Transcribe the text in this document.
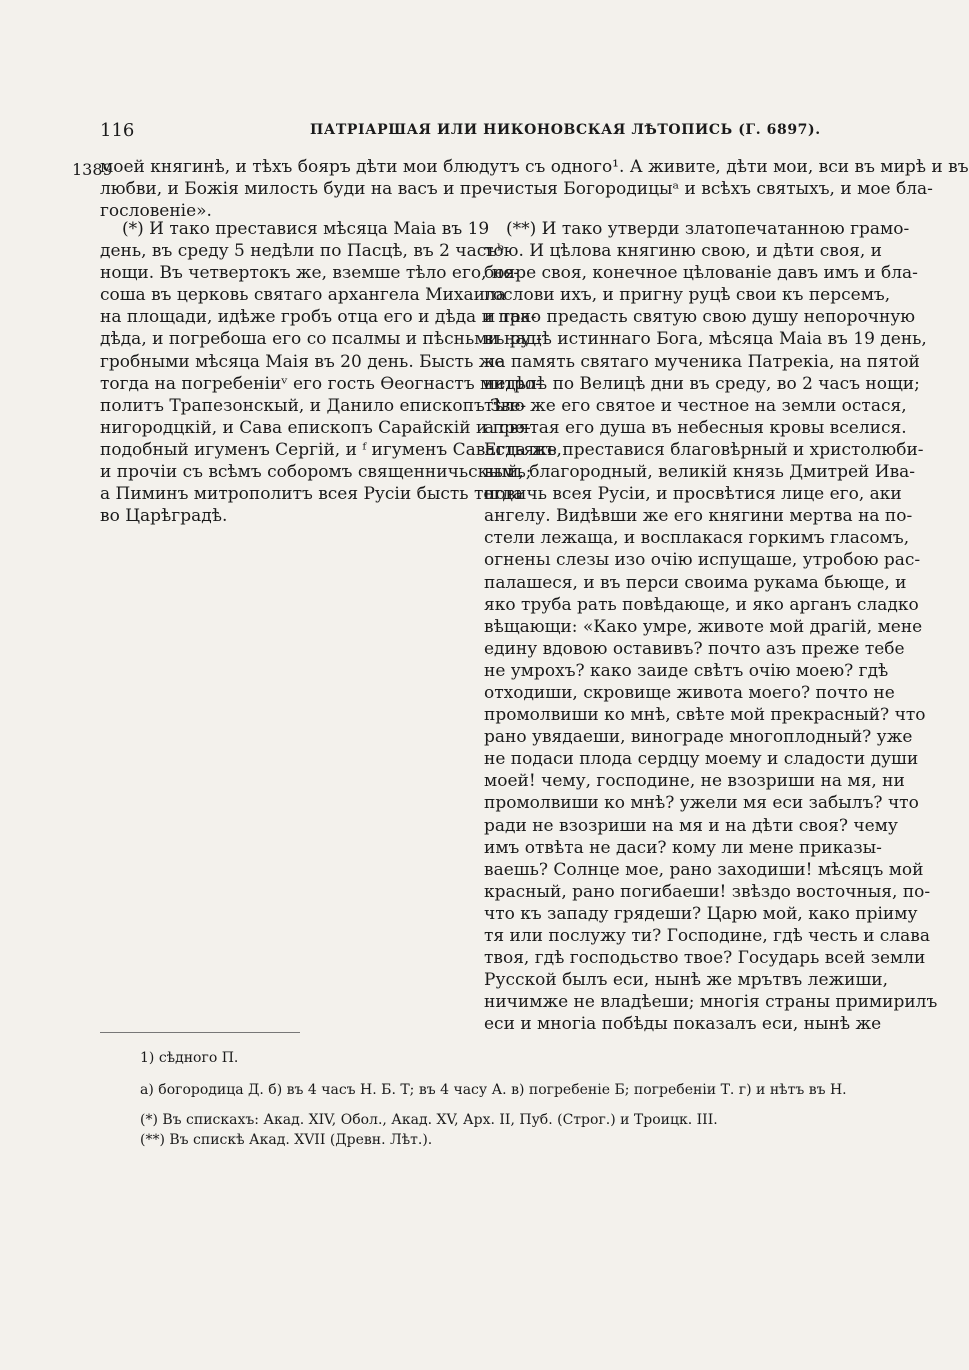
116	ПАТРІАРШАЯ ИЛИ НИКОНОВСКАЯ ЛѢТОПИСЬ (Г. 6897).
1389
моей княгинѣ, и тѣхъ бояръ дѣти мои блюдутъ съ одного¹. А живите, дѣти мои, вси въ мирѣ и въ
любви, и Божія милость буди на васъ и пречистыя Богородицыᵃ и всѣхъ святыхъ, и мое бла-
гословеніе».
(*) И тако преставися мѣсяца Маіа въ 19
день, въ среду 5 недѣли по Пасцѣ, въ 2 часъᵇ
нощи. Въ четвертокъ же, вземше тѣло его, не-
сошa въ церковь святаго архангела Михаила
на площади, идѣже гробъ отца его и дѣда и пра-
дѣда, и погребоша его со псалмы и пѣсньми над-
гробными мѣсяца Маія въ 20 день. Бысть же
тогда на погребеніиᵛ его гость Ѳеогнастъ митро-
политъ Трапезонскый, и Данило епископъ Зве-
нигородцкій, и Сава епископъ Сарайскій и пре-
подобный игуменъ Сергій, и ᶠ игуменъ Савастьянъ,
и прочіи съ всѣмъ соборомъ священничьскымъ;
а Пиминъ митрополитъ всея Русіи бысть тогда
во Царѣградѣ.
(**) И тако утверди златопечатанною грамо-
тою. И цѣлова княгиню свою, и дѣти своя, и
бояре своя, конечное цѣлованіе давъ имъ и бла-
гослови ихъ, и пригну руцѣ свои къ персемъ,
и тако предасть святую свою душу непорочную
въ руцѣ истиннаго Бога, мѣсяца Маіа въ 19 день,
на память святаго мученика Патрекіа, на пятой
недѣлѣ по Велицѣ дни въ среду, во 2 часъ нощи;
тѣло же его святое и честное на земли остася,
а святая его душа въ небесныя кровы вселися.
Егда же преставися благовѣрный и христолюби-
вый, благородный, великій князь Дмитрей Ива-
новичь всея Русіи, и просвѣтися лице его, аки
ангелу. Видѣвши же его княгини мертва на по-
стели лежаща, и восплакася горкимъ гласомъ,
огненьı слезы изо очію испущаше, утробою рас-
палашеся, и въ перси своима рукама бьюще, и
яко труба рать повѣдающе, и яко арганъ сладко
вѣщающи: «Како умре, животе мой драгій, мене
едину вдовою оставивъ? почто азъ преже тебе
не умрохъ? како заиде свѣтъ очію моею? гдѣ
отходиши, скровище живота моего? почто не
промолвиши ко мнѣ, свѣте мой прекрасный? что
рано увядаеши, винограде многоплодный? уже
не подаси плода сердцу моему и сладости души
моей! чему, господине, не взозриши на мя, ни
промолвиши ко мнѣ? ужели мя еси забылъ? что
ради не взозриши на мя и на дѣти своя? чему
имъ отвѣта не даси? кому ли мене приказы-
ваешь? Солнце мое, рано заходиши! мѣсяцъ мой
красный, рано погибаеши! звѣздо восточныя, по-
что къ западу грядеши? Царю мой, како пріиму
тя или послужу ти? Господине, гдѣ честь и слава
твоя, гдѣ господьство твое? Государь всей земли
Русской былъ еси, нынѣ же мрътвъ лежиши,
ничимже не владѣеши; многія страны примирилъ
еси и многіа побѣды показалъ еси, нынѣ же
1) сѣдного П.
а) богородица Д. б) въ 4 часъ Н. Б. Т; въ 4 часу А. в) погребеніе Б; погребеніи Т. г) и нѣтъ въ Н.
(*) Въ спискахъ: Акад. XIV, Обол., Акад. XV, Арх. II, Пуб. (Строг.) и Троицк. III.
(**) Въ спискѣ Акад. XVII (Древн. Лѣт.).
